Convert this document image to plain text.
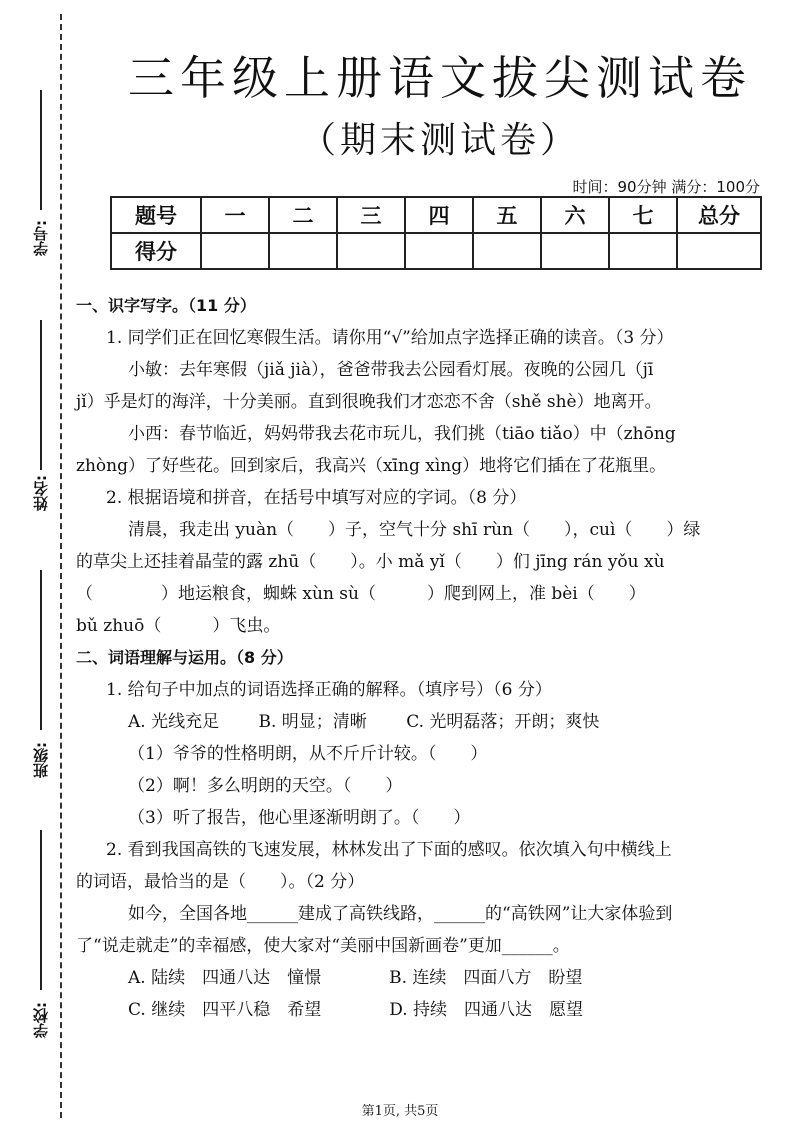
学号:
姓名:
班级:
学校:
三年级上册语文拔尖测试卷
（期末测试卷）
时间：90分钟 满分：100分
题号	一	二	三	四	五	六	七	总分
得分								

一、识字写字。（11 分）

1. 同学们正在回忆寒假生活。请你用“√”给加点字选择正确的读音。（3 分）

小敏：去年寒假（jiǎ jià），爸爸带我去公园看灯展。夜晚的公园几（jī

jǐ）乎是灯的海洋，十分美丽。直到很晚我们才恋恋不舍（shě shè）地离开。

小西：春节临近，妈妈带我去花市玩儿，我们挑（tiāo tiǎo）中（zhōng

zhòng）了好些花。回到家后，我高兴（xīng xìng）地将它们插在了花瓶里。

2. 根据语境和拼音，在括号中填写对应的字词。（8 分）

清晨，我走出 yuàn（　　）子，空气十分 shī rùn（　　），cuì（　　）绿

的草尖上还挂着晶莹的露 zhū（　　）。小 mǎ yǐ（　　）们 jīng rán yǒu xù

（　　　　）地运粮食，蜘蛛 xùn sù（　　　）爬到网上，准 bèi（　　）

bǔ zhuō（　　　）飞虫。

二、词语理解与运用。（8 分）

1. 给句子中加点的词语选择正确的解释。（填序号）（6 分）

A. 光线充足　　 B. 明显；清晰　　 C. 光明磊落；开朗；爽快

（1）爷爷的性格明朗，从不斤斤计较。（　　）

（2）啊！多么明朗的天空。（　　）

（3）听了报告，他心里逐渐明朗了。（　　）

2. 看到我国高铁的飞速发展，林林发出了下面的感叹。依次填入句中横线上

的词语，最恰当的是（　　）。（2 分）

如今，全国各地______建成了高铁线路，______的“高铁网”让大家体验到

了“说走就走”的幸福感，使大家对“美丽中国新画卷”更加______。

A. 陆续　四通八达　憧憬　　　　B. 连续　四面八方　盼望

C. 继续　四平八稳　希望　　　　D. 持续　四通八达　愿望

第1页, 共5页
